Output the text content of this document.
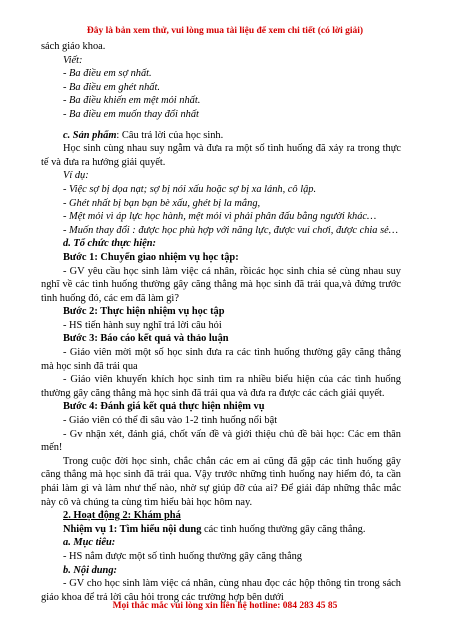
Đây là bản xem thử, vui lòng mua tài liệu để xem chi tiết (có lời giải)

sách giáo khoa.

Viết:

- Ba điều em sợ nhất.

- Ba điều em ghét nhất.

- Ba điều khiến em mệt mỏi nhất.

- Ba điều em muốn thay đổi nhất

c. Sản phẩm: Câu trả lời của học sinh.

Học sinh cùng nhau suy ngẫm và đưa ra một số tình huống đã xảy ra trong thực tế và đưa ra hướng giải quyết.

Ví dụ:

- Việc sợ bị dọa nạt; sợ bị nói xấu hoặc sợ bị xa lánh, cô lập.

- Ghét nhất bị bạn bạn bè xấu, ghét bị la mắng,

- Mệt mỏi vì áp lực học hành, mệt mỏi vì phải phân đấu bằng người khác…

- Muốn thay đổi : được học phù hợp với năng lực, được vui chơi, được chia sẻ…

d. Tổ chức thực hiện:

Bước 1: Chuyển giao nhiệm vụ học tập:

- GV yêu cầu học sinh làm việc cá nhân, rồicác học sinh chia sẻ cùng nhau suy nghĩ về các tình huống thường gây căng thẳng mà học sinh đã trải qua,và đứng trước tình huống đó, các em đã làm gì?

Bước 2: Thực hiện nhiệm vụ học tập

- HS tiến hành suy nghĩ trả lời câu hỏi

Bước 3: Báo cáo kết quả và thảo luận

- Giáo viên mời một số học sinh đưa ra các tình huống thường gây căng thẳng mà học sinh đã trải qua

- Giáo viên khuyến khích học sinh tìm ra nhiều biểu hiện của các tình huống thường gây căng thẳng mà học sinh đã trải qua và đưa ra được các cách giải quyết.

Bước 4: Đánh giá kết quả thực hiện nhiệm vụ

- Giáo viên có thể đi sâu vào 1-2 tình huống nổi bật

- Gv nhận xét, đánh giá, chốt vấn đề và giới thiệu chủ đề bài học: Các em thân mến!

Trong cuộc đời học sinh, chắc chắn các em ai cũng đã gặp các tình huống gây căng thẳng mà học sinh đã trải qua. Vậy trước những tình huống nay hiểm đó, ta cần phải làm gì và làm như thế nào, nhờ sự giúp đỡ của ai? Để giải đáp những thắc mắc này cô và chúng ta cùng tìm hiểu bài học hôm nay.

2. Hoạt động 2: Khám phá

Nhiệm vụ 1: Tìm hiểu nội dung các tình huống thường gây căng thẳng.

a. Mục tiêu:

- HS nắm được một số tình huống thường gây căng thẳng

b. Nội dung:

- GV cho học sinh làm việc cá nhân, cùng nhau đọc các hộp thông tin trong sách giáo khoa để trả lời câu hỏi trong các trường hợp bên dưới

Mọi thắc mắc vui lòng xin liên hệ hotline: 084 283 45 85
